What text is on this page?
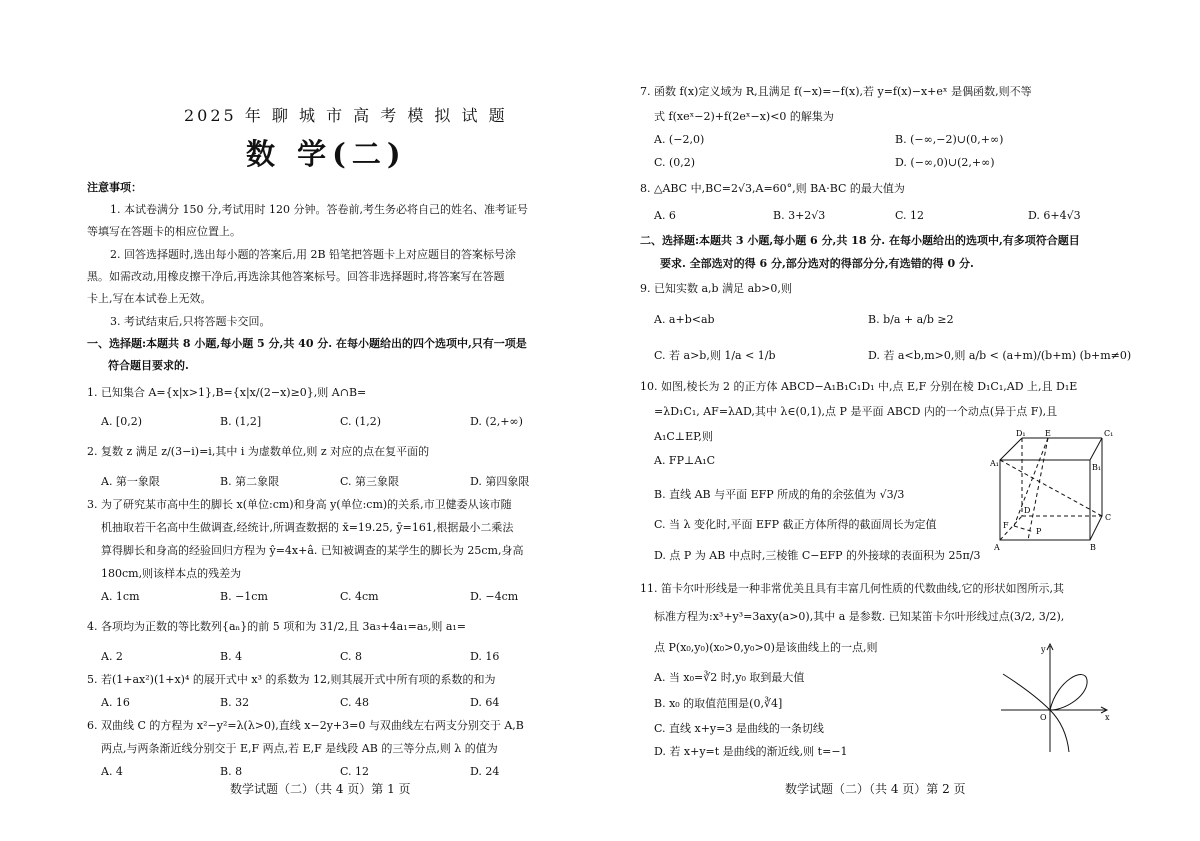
2025 年 聊 城 市 高 考 模 拟 试 题
数 学(二)
注意事项：
1. 本试卷满分 150 分,考试用时 120 分钟。答卷前,考生务必将自己的姓名、准考证号
等填写在答题卡的相应位置上。
2. 回答选择题时,选出每小题的答案后,用 2B 铅笔把答题卡上对应题目的答案标号涂
黑。如需改动,用橡皮擦干净后,再选涂其他答案标号。回答非选择题时,将答案写在答题
卡上,写在本试卷上无效。
3. 考试结束后,只将答题卡交回。
一、选择题:本题共 8 小题,每小题 5 分,共 40 分. 在每小题给出的四个选项中,只有一项是
符合题目要求的.
1. 已知集合 A={x|x>1},B={x|x/(2−x)≥0},则 A∩B=
A. [0,2)	B. (1,2]	C. (1,2)	D. (2,+∞)
2. 复数 z 满足 z/(3−i)=i,其中 i 为虚数单位,则 z 对应的点在复平面的
A. 第一象限	B. 第二象限	C. 第三象限	D. 第四象限
3. 为了研究某市高中生的脚长 x(单位:cm)和身高 y(单位:cm)的关系,市卫健委从该市随
机抽取若干名高中生做调查,经统计,所调查数据的 x̄=19.25, ȳ=161,根据最小二乘法
算得脚长和身高的经验回归方程为 ŷ=4x+â. 已知被调查的某学生的脚长为 25cm,身高
180cm,则该样本点的残差为
A. 1cm	B. −1cm	C. 4cm	D. −4cm
4. 各项均为正数的等比数列{aₙ}的前 5 项和为 31/2,且 3a₃+4a₁=a₅,则 a₁=
A. 2	B. 4	C. 8	D. 16
5. 若(1+ax²)(1+x)⁴ 的展开式中 x³ 的系数为 12,则其展开式中所有项的系数的和为
A. 16	B. 32	C. 48	D. 64
6. 双曲线 C 的方程为 x²−y²=λ(λ>0),直线 x−2y+3=0 与双曲线左右两支分别交于 A,B
两点,与两条渐近线分别交于 E,F 两点,若 E,F 是线段 AB 的三等分点,则 λ 的值为
A. 4	B. 8	C. 12	D. 24
数学试题（二）（共 4 页）第 1 页
7. 函数 f(x)定义域为 R,且满足 f(−x)=−f(x),若 y=f(x)−x+eˣ 是偶函数,则不等
式 f(xeˣ−2)+f(2eˣ−x)<0 的解集为
A. (−2,0)	B. (−∞,−2)∪(0,+∞)
C. (0,2)	D. (−∞,0)∪(2,+∞)
8. △ABC 中,BC=2√3,A=60°,则 BA·BC 的最大值为
A. 6	B. 3+2√3	C. 12	D. 6+4√3
二、选择题:本题共 3 小题,每小题 6 分,共 18 分. 在每小题给出的选项中,有多项符合题目
要求. 全部选对的得 6 分,部分选对的得部分分,有选错的得 0 分.
9. 已知实数 a,b 满足 ab>0,则
A. a+b<ab	B. b/a + a/b ≥2
C. 若 a>b,则 1/a < 1/b	D. 若 a<b,m>0,则 a/b < (a+m)/(b+m) (b+m≠0)
10. 如图,棱长为 2 的正方体 ABCD−A₁B₁C₁D₁ 中,点 E,F 分别在棱 D₁C₁,AD 上,且 D₁E
=λD₁C₁, AF=λAD,其中 λ∈(0,1),点 P 是平面 ABCD 内的一个动点(异于点 F),且
A₁C⊥EP,则
A. FP⊥A₁C
B. 直线 AB 与平面 EFP 所成的角的余弦值为 √3/3
C. 当 λ 变化时,平面 EFP 截正方体所得的截面周长为定值
D. 点 P 为 AB 中点时,三棱锥 C−EFP 的外接球的表面积为 25π/3
D₁ E	C₁
A₁	B₁
D
C
F
P
A	B
11. 笛卡尔叶形线是一种非常优美且具有丰富几何性质的代数曲线,它的形状如图所示,其
标准方程为:x³+y³=3axy(a>0),其中 a 是参数. 已知某笛卡尔叶形线过点(3/2, 3/2),
点 P(x₀,y₀)(x₀>0,y₀>0)是该曲线上的一点,则
A. 当 x₀=∛2 时,y₀ 取到最大值
B. x₀ 的取值范围是(0,∛4]
C. 直线 x+y=3 是曲线的一条切线
D. 若 x+y=t 是曲线的渐近线,则 t=−1
y
x
O
数学试题（二）（共 4 页）第 2 页
